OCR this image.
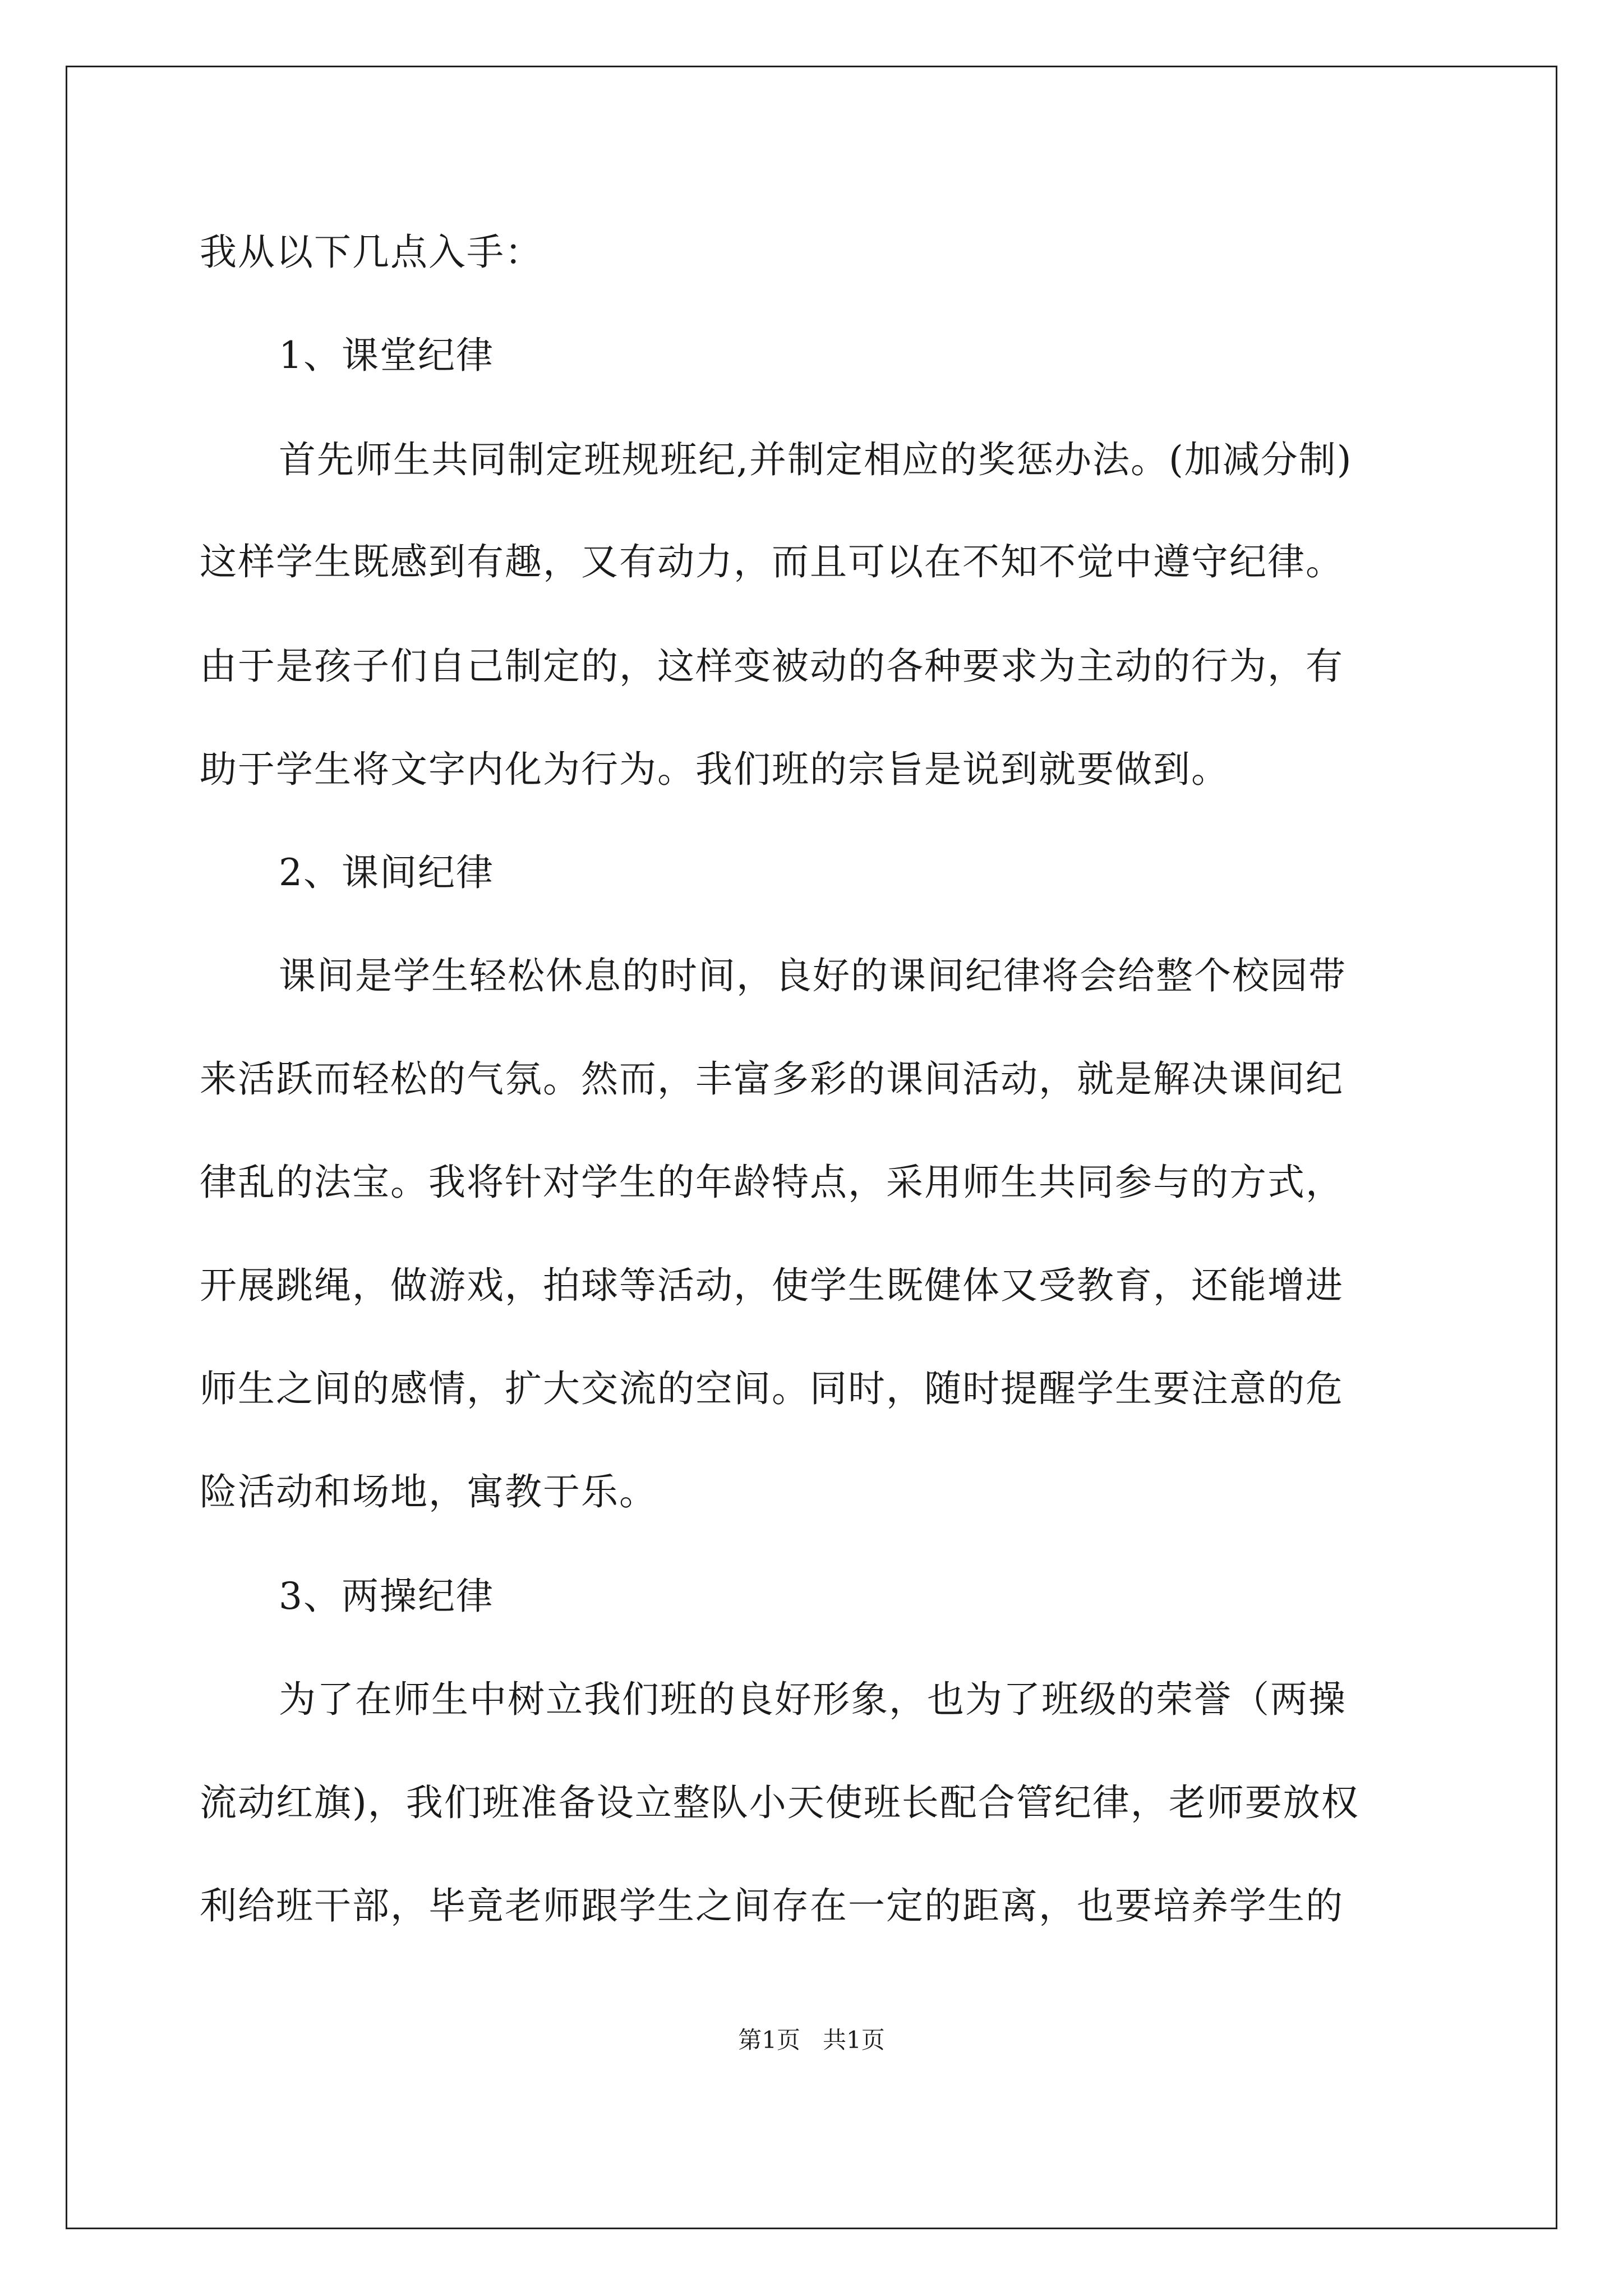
我从以下几点入手：
1、课堂纪律
首先师生共同制定班规班纪,并制定相应的奖惩办法。(加减分制)
这样学生既感到有趣，又有动力，而且可以在不知不觉中遵守纪律。
由于是孩子们自己制定的，这样变被动的各种要求为主动的行为，有
助于学生将文字内化为行为。我们班的宗旨是说到就要做到。
2、课间纪律
课间是学生轻松休息的时间，良好的课间纪律将会给整个校园带
来活跃而轻松的气氛。然而，丰富多彩的课间活动，就是解决课间纪
律乱的法宝。我将针对学生的年龄特点，采用师生共同参与的方式，
开展跳绳，做游戏，拍球等活动，使学生既健体又受教育，还能增进
师生之间的感情，扩大交流的空间。同时，随时提醒学生要注意的危
险活动和场地，寓教于乐。
3、两操纪律
为了在师生中树立我们班的良好形象，也为了班级的荣誉（两操
流动红旗)，我们班准备设立整队小天使班长配合管纪律，老师要放权
利给班干部，毕竟老师跟学生之间存在一定的距离，也要培养学生的
第1页   共1页
